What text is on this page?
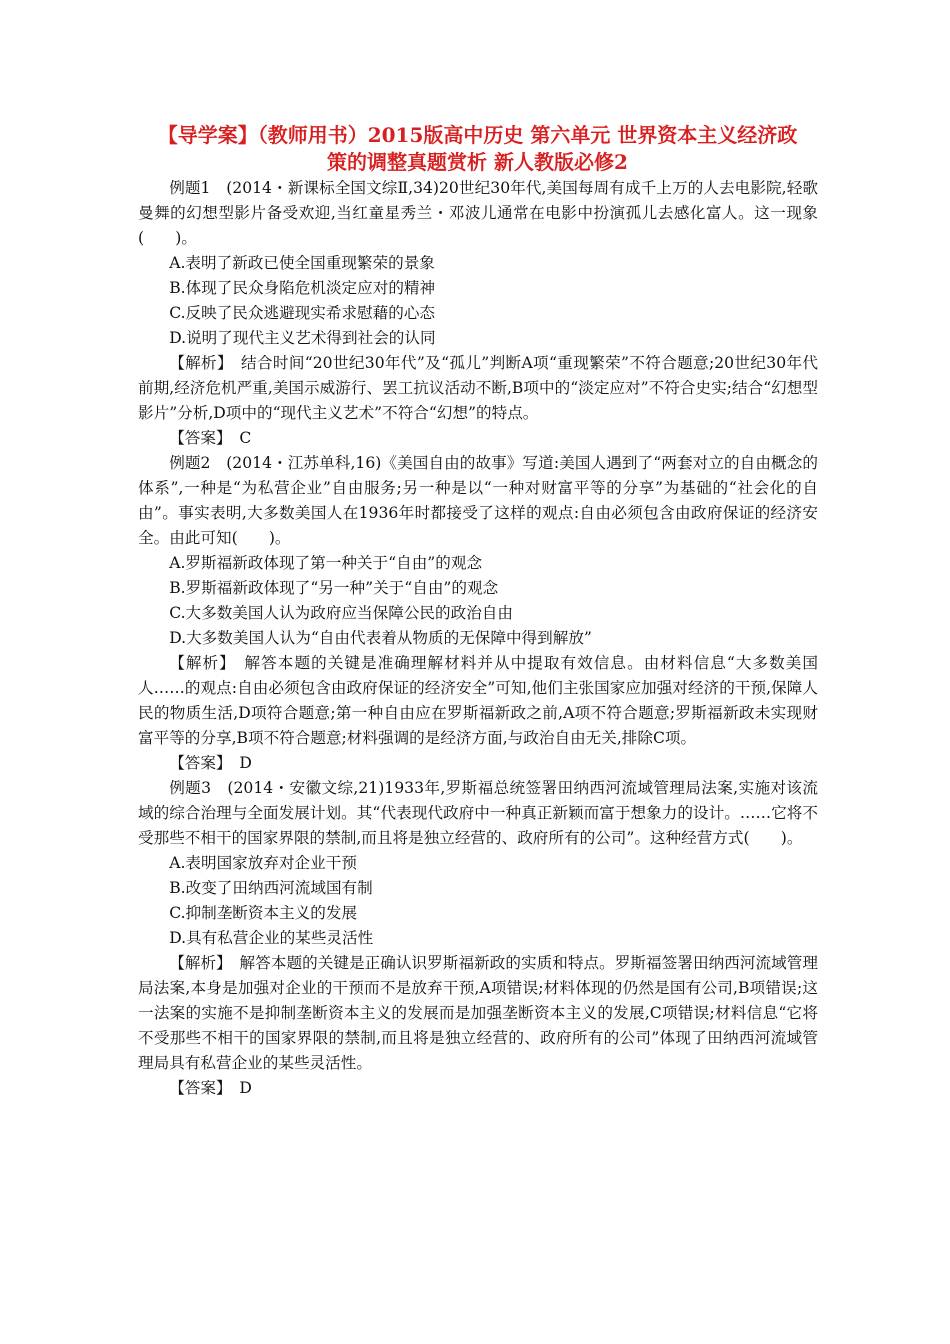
【导学案】（教师用书）2015版高中历史 第六单元 世界资本主义经济政策的调整真题赏析 新人教版必修2

例题1　(2014・新课标全国文综Ⅱ,34)20世纪30年代,美国每周有成千上万的人去电影院,轻歌曼舞的幻想型影片备受欢迎,当红童星秀兰・邓波儿通常在电影中扮演孤儿去感化富人。这一现象(　　)。

A.表明了新政已使全国重现繁荣的景象

B.体现了民众身陷危机淡定应对的精神

C.反映了民众逃避现实希求慰藉的心态

D.说明了现代主义艺术得到社会的认同

【解析】　结合时间“20世纪30年代”及“孤儿”判断A项“重现繁荣”不符合题意;20世纪30年代前期,经济危机严重,美国示威游行、罢工抗议活动不断,B项中的“淡定应对”不符合史实;结合“幻想型影片”分析,D项中的“现代主义艺术”不符合“幻想”的特点。

【答案】　C

例题2　(2014・江苏单科,16)《美国自由的故事》写道:美国人遇到了“两套对立的自由概念的体系”,一种是“为私营企业”自由服务;另一种是以“一种对财富平等的分享”为基础的“社会化的自由”。事实表明,大多数美国人在1936年时都接受了这样的观点:自由必须包含由政府保证的经济安全。由此可知(　　)。

A.罗斯福新政体现了第一种关于“自由”的观念

B.罗斯福新政体现了“另一种”关于“自由”的观念

C.大多数美国人认为政府应当保障公民的政治自由

D.大多数美国人认为“自由代表着从物质的无保障中得到解放”

【解析】　解答本题的关键是准确理解材料并从中提取有效信息。由材料信息“大多数美国人……的观点:自由必须包含由政府保证的经济安全”可知,他们主张国家应加强对经济的干预,保障人民的物质生活,D项符合题意;第一种自由应在罗斯福新政之前,A项不符合题意;罗斯福新政未实现财富平等的分享,B项不符合题意;材料强调的是经济方面,与政治自由无关,排除C项。

【答案】　D

例题3　(2014・安徽文综,21)1933年,罗斯福总统签署田纳西河流域管理局法案,实施对该流域的综合治理与全面发展计划。其“代表现代政府中一种真正新颖而富于想象力的设计。……它将不受那些不相干的国家界限的禁制,而且将是独立经营的、政府所有的公司”。这种经营方式(　　)。

A.表明国家放弃对企业干预

B.改变了田纳西河流域国有制

C.抑制垄断资本主义的发展

D.具有私营企业的某些灵活性

【解析】　解答本题的关键是正确认识罗斯福新政的实质和特点。罗斯福签署田纳西河流域管理局法案,本身是加强对企业的干预而不是放弃干预,A项错误;材料体现的仍然是国有公司,B项错误;这一法案的实施不是抑制垄断资本主义的发展而是加强垄断资本主义的发展,C项错误;材料信息“它将不受那些不相干的国家界限的禁制,而且将是独立经营的、政府所有的公司”体现了田纳西河流域管理局具有私营企业的某些灵活性。

【答案】　D
